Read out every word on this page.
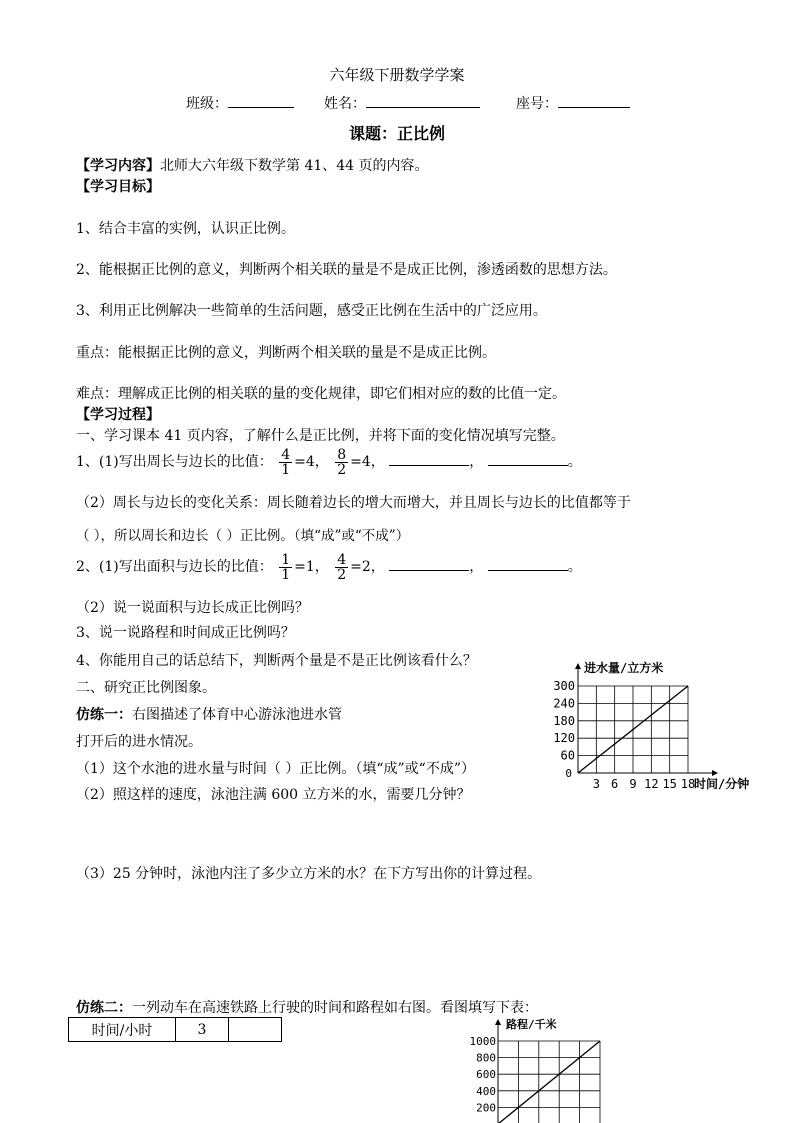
六年级下册数学学案
班级：	姓名：	座号：
课题：正比例
【学习内容】北师大六年级下数学第 41、44 页的内容。
【学习目标】
1、结合丰富的实例，认识正比例。
2、能根据正比例的意义，判断两个相关联的量是不是成正比例，渗透函数的思想方法。
3、利用正比例解决一些简单的生活问题，感受正比例在生活中的广泛应用。
重点：能根据正比例的意义，判断两个相关联的量是不是成正比例。
难点：理解成正比例的相关联的量的变化规律，即它们相对应的数的比值一定。
【学习过程】
一、学习课本 41 页内容，了解什么是正比例，并将下面的变化情况填写完整。
1、(1)写出周长与边长的比值： $\frac{4}{1} =4$， $\frac{8}{2} =4$，	，	。
（2）周长与边长的变化关系：周长随着边长的增大而增大，并且周长与边长的比值都等于
（ ），所以周长和边长（ ）正比例。（填“成”或“不成”）
2、(1)写出面积与边长的比值： $\frac{1}{1} =1$， $\frac{4}{2} =2$，	，	。
（2）说一说面积与边长成正比例吗？
3、说一说路程和时间成正比例吗？
4、你能用自己的话总结下，判断两个量是不是正比例该看什么？
二、研究正比例图象。
仿练一：右图描述了体育中心游泳池进水管
打开后的进水情况。
（1）这个水池的进水量与时间（ ）正比例。（填“成”或“不成”）
（2）照这样的速度，泳池注满 600 立方米的水，需要几分钟？
（3）25 分钟时，泳池内注了多少立方米的水？在下方写出你的计算过程。
进水量/立方米
60
120
180
240
300
3 6 9 12 15 18
0
时间/分钟
仿练二：一列动车在高速铁路上行驶的时间和路程如右图。看图填写下表：
时间/小时	3		路程/千米
200
400
600
800
1000
